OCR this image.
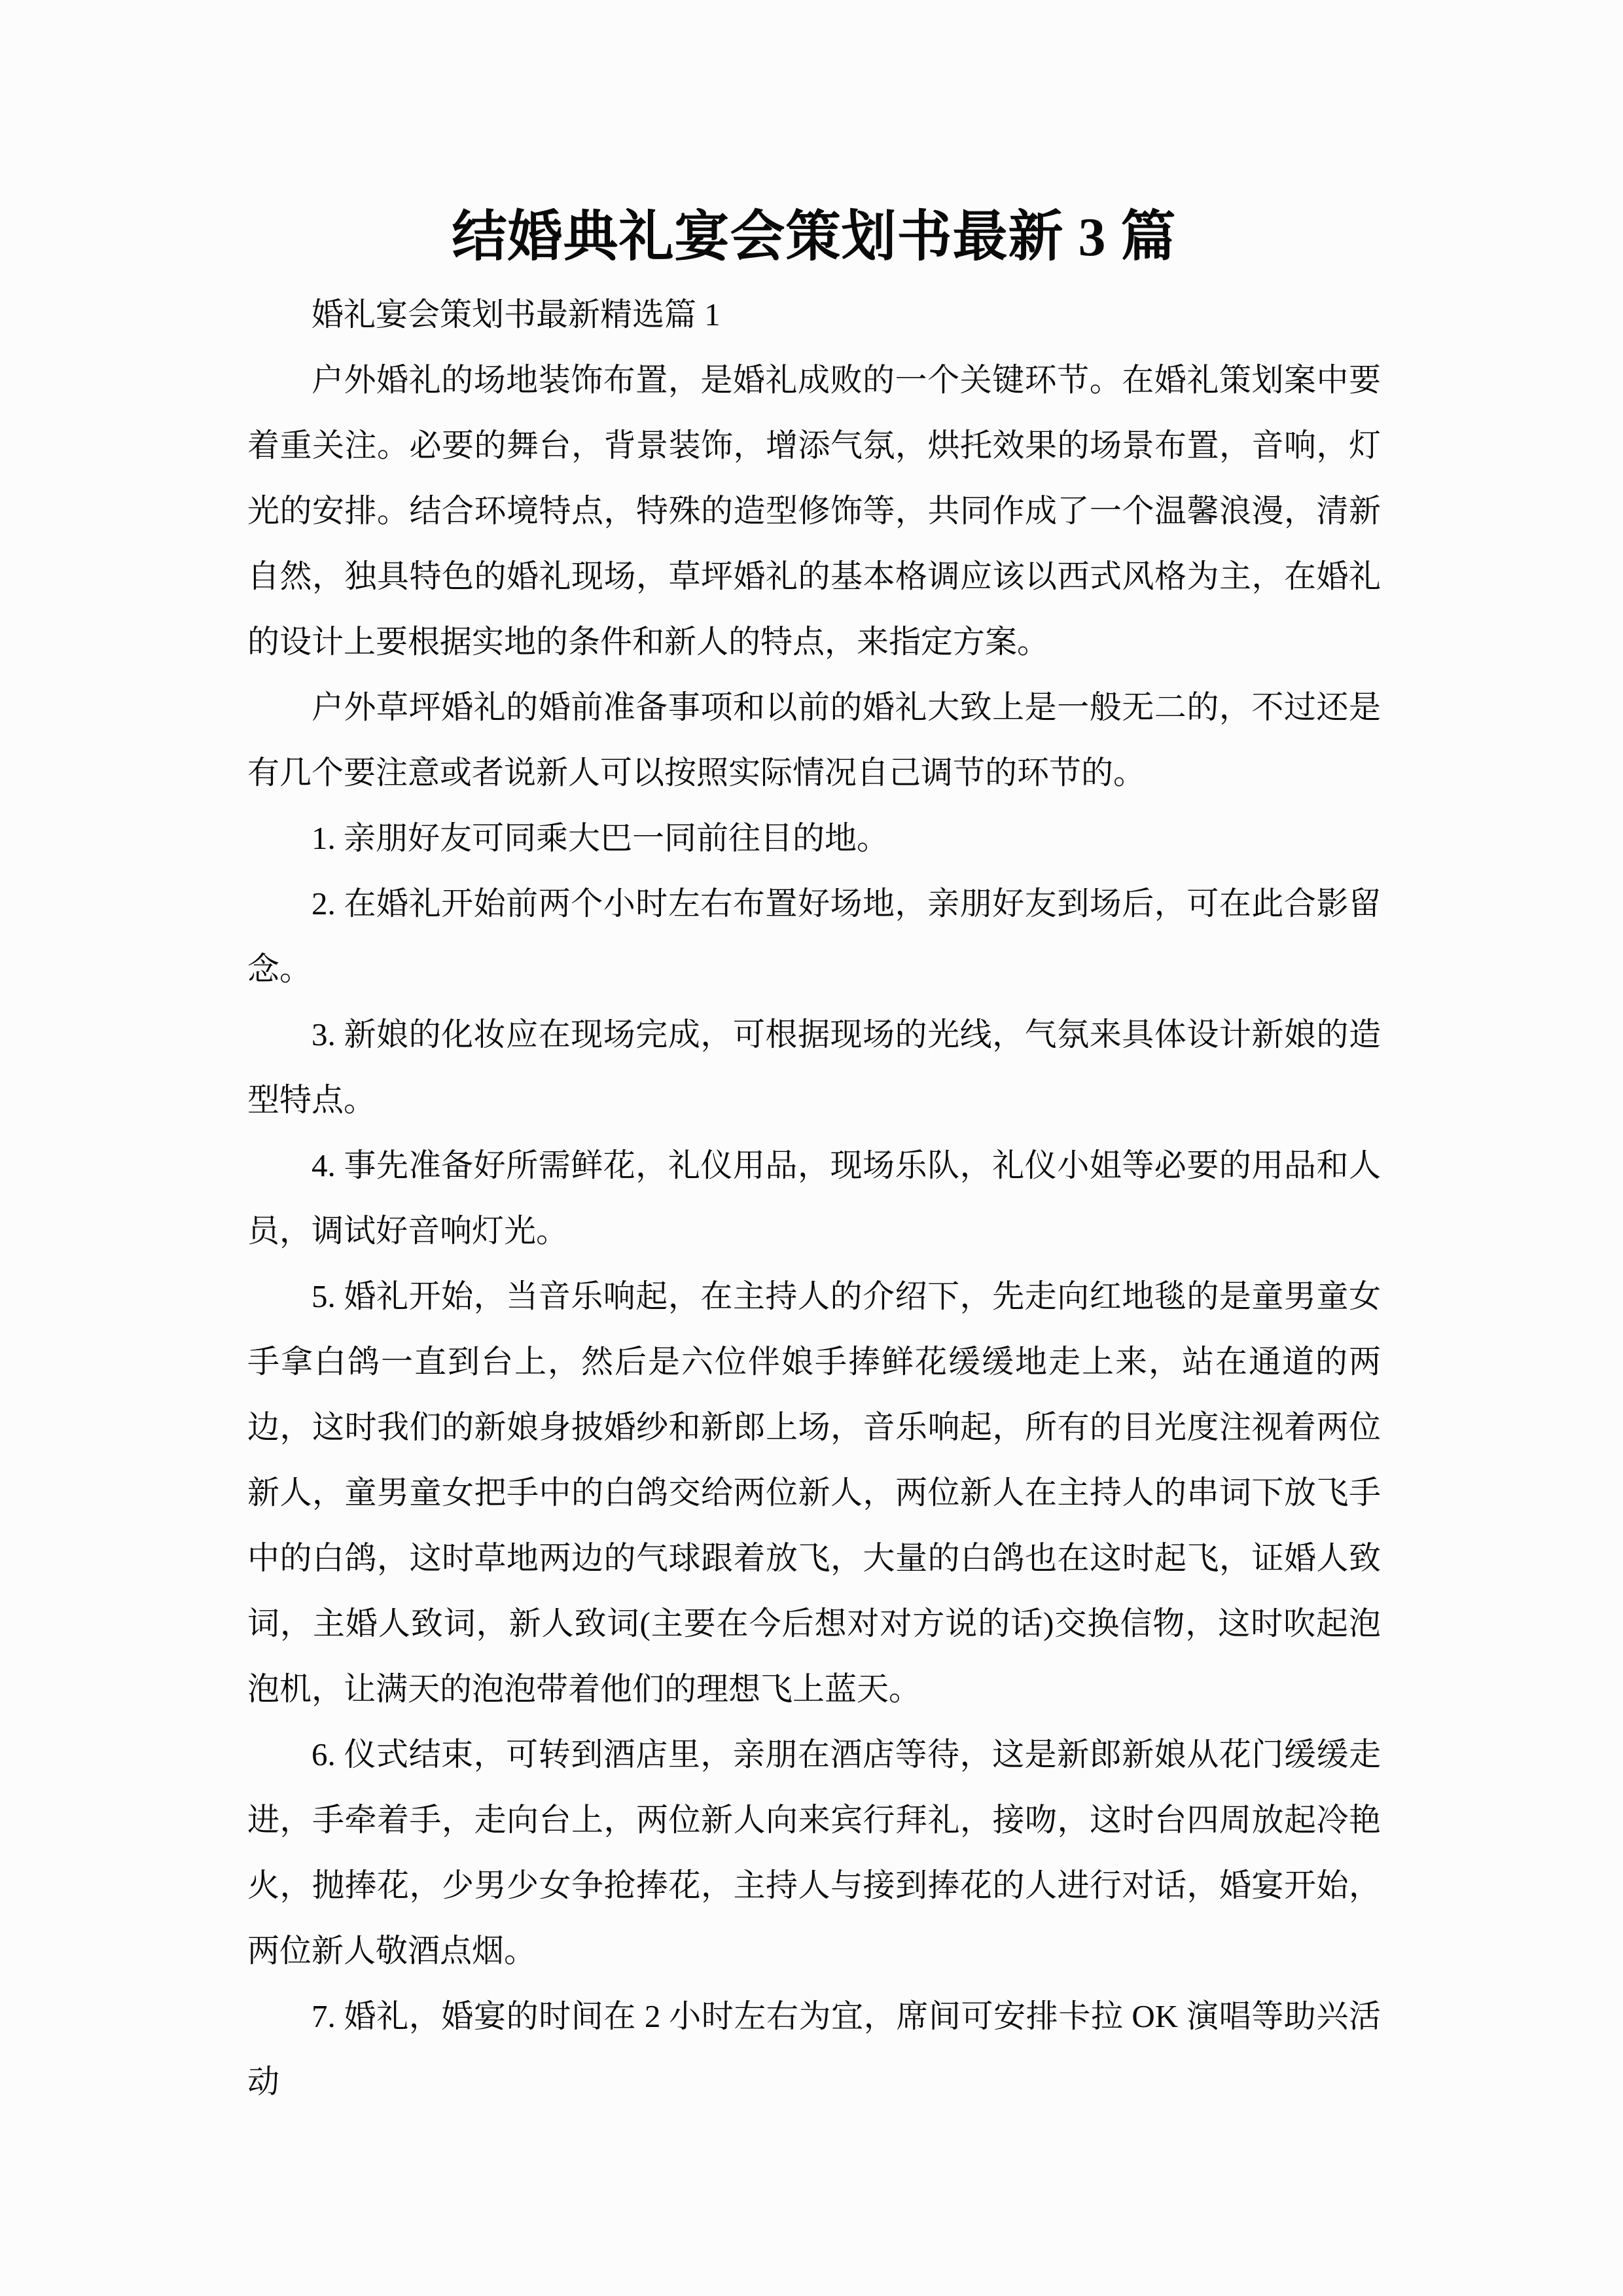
结婚典礼宴会策划书最新 3 篇

婚礼宴会策划书最新精选篇 1

户外婚礼的场地装饰布置，是婚礼成败的一个关键环节。在婚礼策划案中要着重关注。必要的舞台，背景装饰，增添气氛，烘托效果的场景布置，音响，灯光的安排。结合环境特点，特殊的造型修饰等，共同作成了一个温馨浪漫，清新自然，独具特色的婚礼现场，草坪婚礼的基本格调应该以西式风格为主，在婚礼的设计上要根据实地的条件和新人的特点，来指定方案。

户外草坪婚礼的婚前准备事项和以前的婚礼大致上是一般无二的，不过还是有几个要注意或者说新人可以按照实际情况自己调节的环节的。

1. 亲朋好友可同乘大巴一同前往目的地。

2. 在婚礼开始前两个小时左右布置好场地，亲朋好友到场后，可在此合影留念。

3. 新娘的化妆应在现场完成，可根据现场的光线，气氛来具体设计新娘的造型特点。

4. 事先准备好所需鲜花，礼仪用品，现场乐队，礼仪小姐等必要的用品和人员，调试好音响灯光。

5. 婚礼开始，当音乐响起，在主持人的介绍下，先走向红地毯的是童男童女手拿白鸽一直到台上，然后是六位伴娘手捧鲜花缓缓地走上来，站在通道的两边，这时我们的新娘身披婚纱和新郎上场，音乐响起，所有的目光度注视着两位新人，童男童女把手中的白鸽交给两位新人，两位新人在主持人的串词下放飞手中的白鸽，这时草地两边的气球跟着放飞，大量的白鸽也在这时起飞，证婚人致词，主婚人致词，新人致词(主要在今后想对对方说的话)交换信物，这时吹起泡泡机，让满天的泡泡带着他们的理想飞上蓝天。

6. 仪式结束，可转到酒店里，亲朋在酒店等待，这是新郎新娘从花门缓缓走进，手牵着手，走向台上，两位新人向来宾行拜礼，接吻，这时台四周放起冷艳火，抛捧花，少男少女争抢捧花，主持人与接到捧花的人进行对话，婚宴开始，两位新人敬酒点烟。

7. 婚礼，婚宴的时间在 2 小时左右为宜，席间可安排卡拉 OK 演唱等助兴活动
